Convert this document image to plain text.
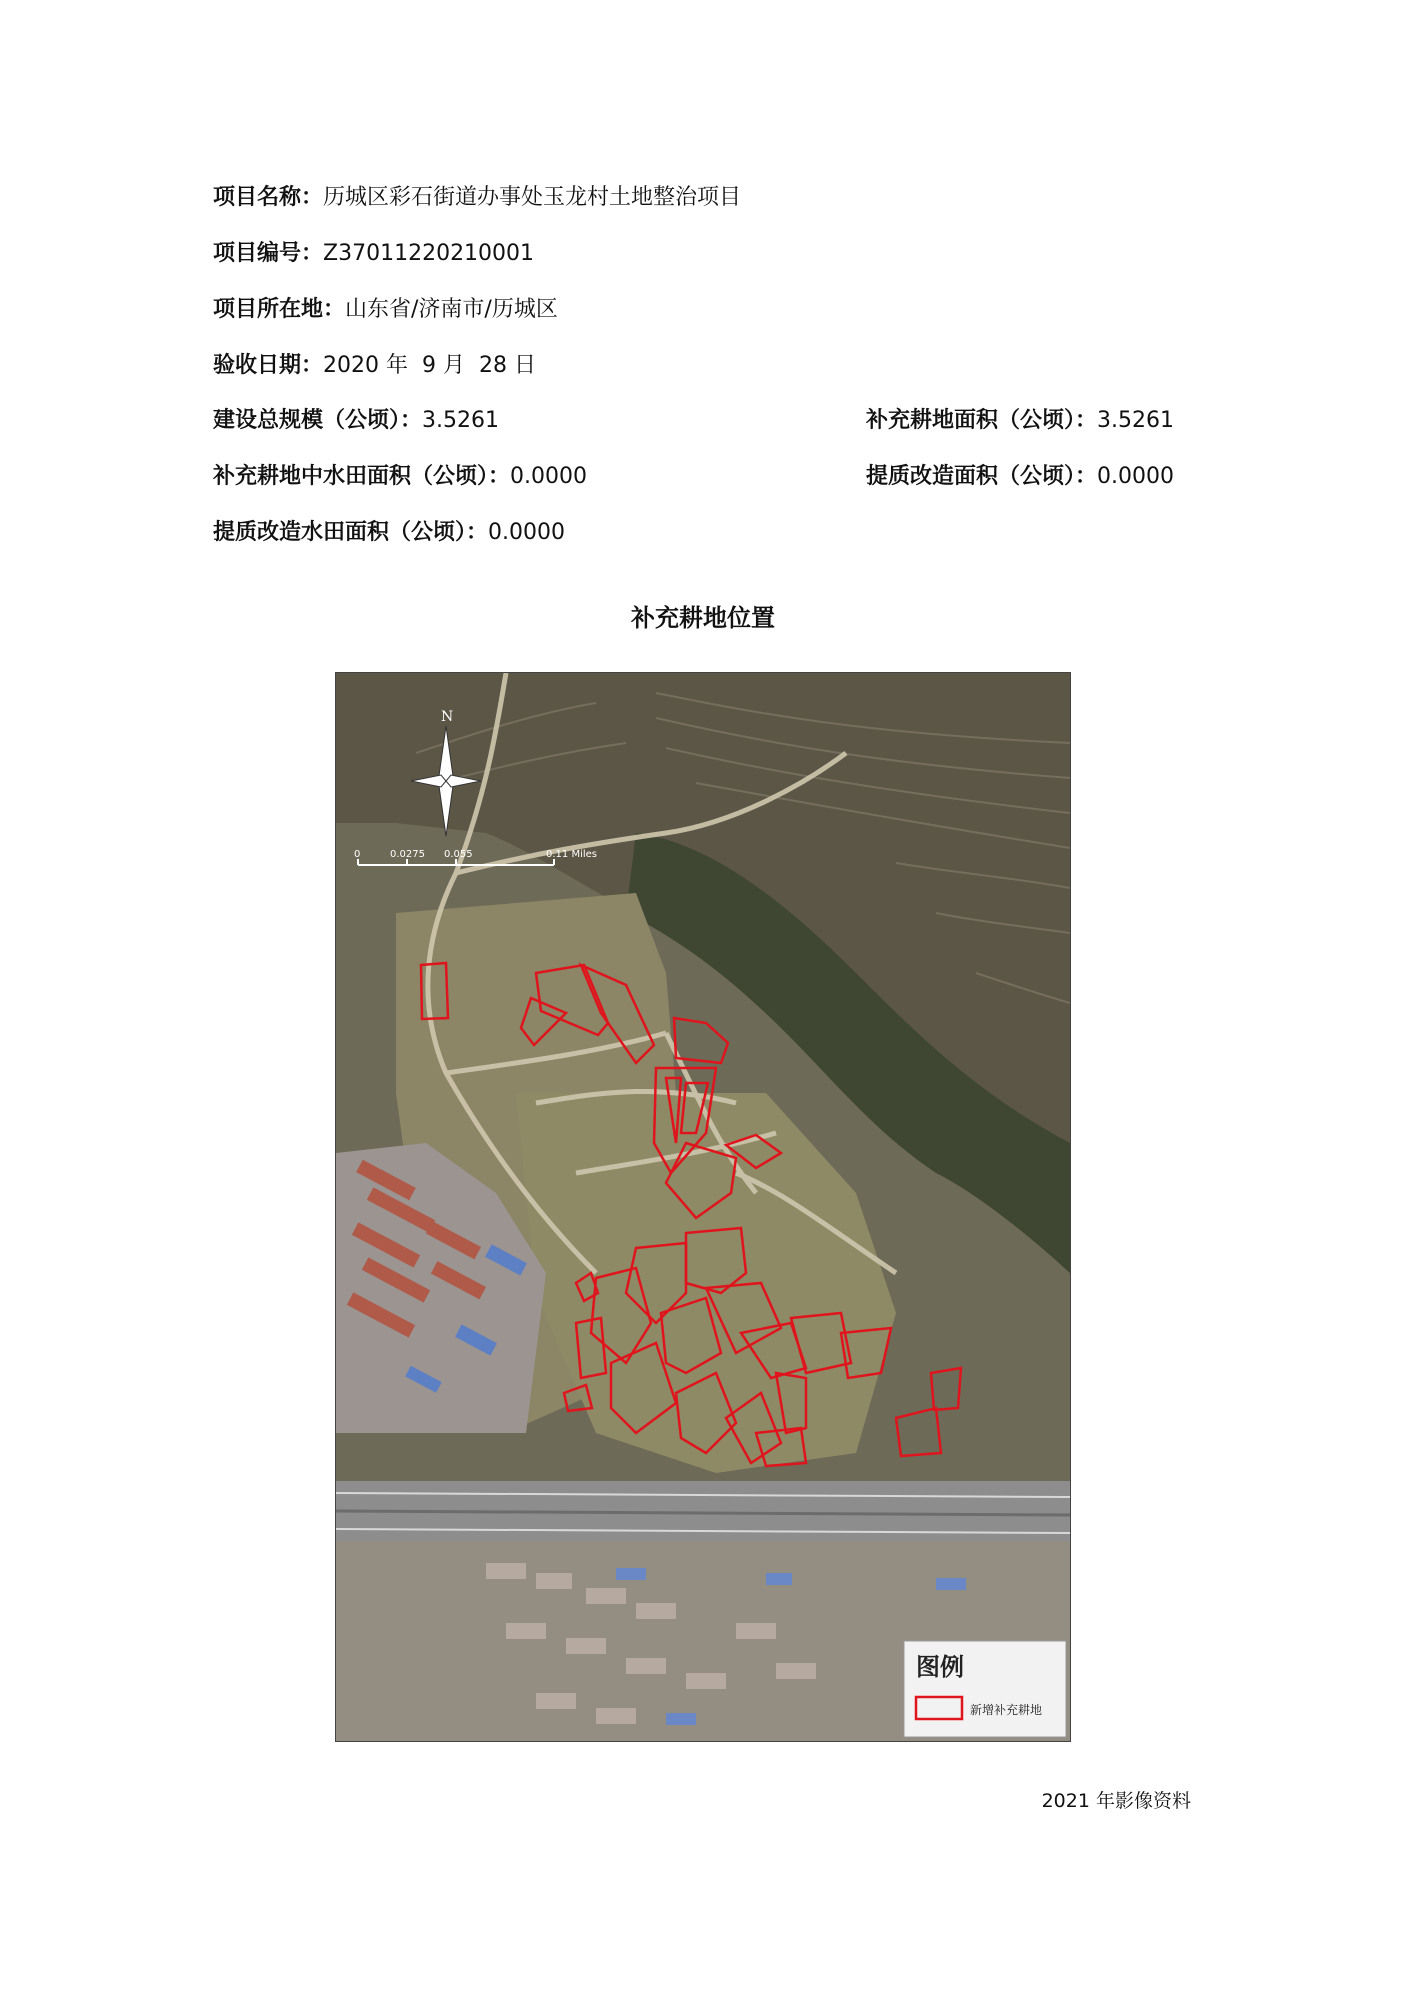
项目名称：历城区彩石街道办事处玉龙村土地整治项目
项目编号：Z37011220210001
项目所在地：山东省/济南市/历城区
验收日期：2020 年  9 月  28 日
建设总规模（公顷）：3.5261	补充耕地面积（公顷）：3.5261
补充耕地中水田面积（公顷）：0.0000	提质改造面积（公顷）：0.0000
提质改造水田面积（公顷）：0.0000
补充耕地位置
N
0	0.0275 0.055	0.11 Miles
图例
新增补充耕地
2021 年影像资料
